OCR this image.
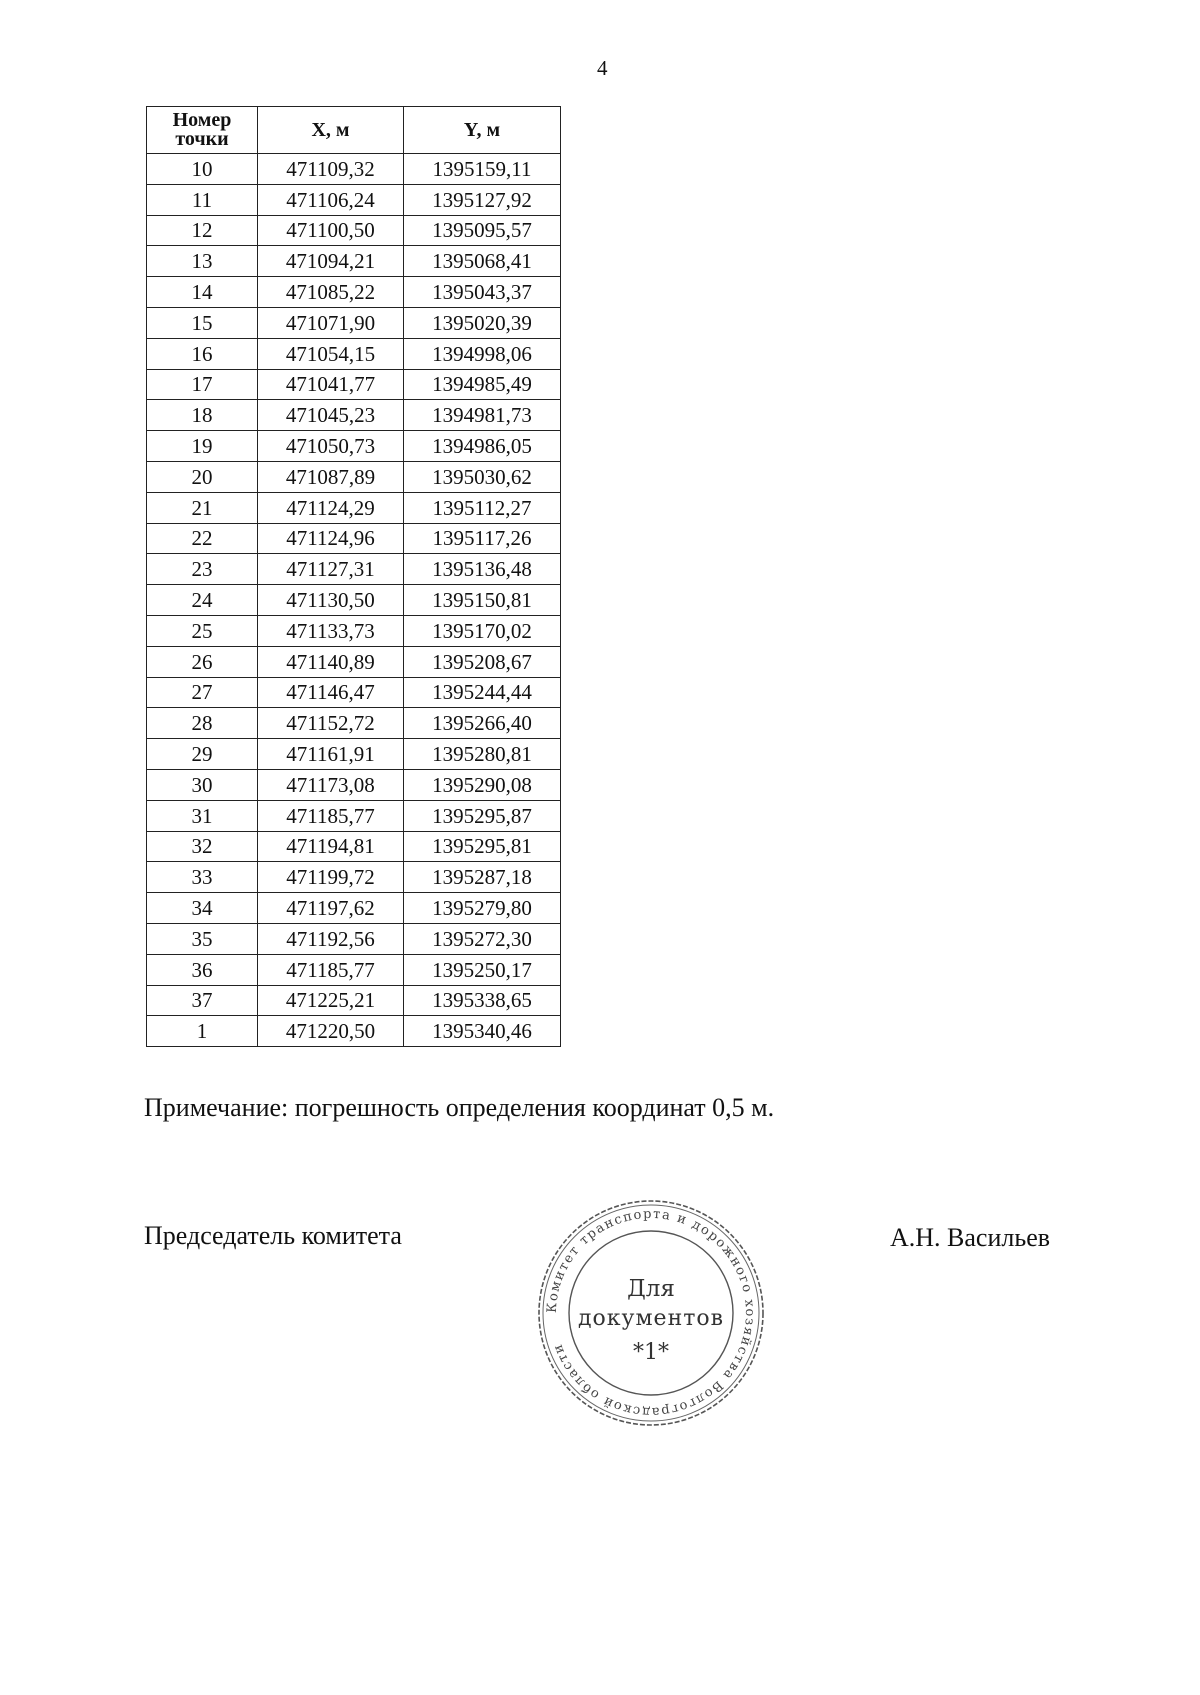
4
Номер
точки	X, м	Y, м
10	471109,32	1395159,11
11	471106,24	1395127,92
12	471100,50	1395095,57
13	471094,21	1395068,41
14	471085,22	1395043,37
15	471071,90	1395020,39
16	471054,15	1394998,06
17	471041,77	1394985,49
18	471045,23	1394981,73
19	471050,73	1394986,05
20	471087,89	1395030,62
21	471124,29	1395112,27
22	471124,96	1395117,26
23	471127,31	1395136,48
24	471130,50	1395150,81
25	471133,73	1395170,02
26	471140,89	1395208,67
27	471146,47	1395244,44
28	471152,72	1395266,40
29	471161,91	1395280,81
30	471173,08	1395290,08
31	471185,77	1395295,87
32	471194,81	1395295,81
33	471199,72	1395287,18
34	471197,62	1395279,80
35	471192,56	1395272,30
36	471185,77	1395250,17
37	471225,21	1395338,65
1	471220,50	1395340,46
Примечание: погрешность определения координат 0,5 м.
Председатель комитета
Комитет транспорта и дорожного хозяйства Волгоградской области
Для
документов
*1*
А.Н. Васильев
